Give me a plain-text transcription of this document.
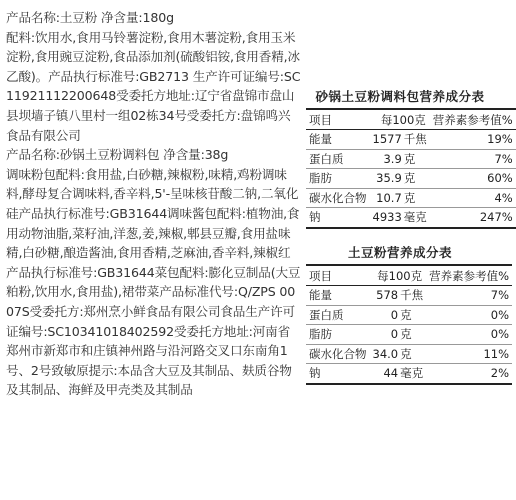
产品名称:土豆粉 净含量:180g

配料:饮用水,食用马铃薯淀粉,食用木薯淀粉,食用玉米淀粉,食用豌豆淀粉,食品添加剂(硫酸铝铵,食用香精,冰乙酸)。产品执行标准号:GB2713 生产许可证编号:SC11921112200648受委托方地址:辽宁省盘锦市盘山县坝墙子镇八里村一组02栋34号受委托方:盘锦鸣兴食品有限公司

产品名称:砂锅土豆粉调料包 净含量:38g

调味粉包配料:食用盐,白砂糖,辣椒粉,味精,鸡粉调味料,酵母复合调味料,香辛料,5'-呈味核苷酸二钠,二氧化硅产品执行标准号:GB31644调味酱包配料:植物油,食用动物油脂,菜籽油,洋葱,姜,辣椒,郫县豆瓣,食用盐味精,白砂糖,酿造酱油,食用香精,芝麻油,香辛料,辣椒红产品执行标准号:GB31644菜包配料:膨化豆制品(大豆粕粉,饮用水,食用盐),裙带菜产品标准代号:Q/ZPS 0007S受委托方:郑州烹小鲜食品有限公司食品生产许可证编号:SC10341018402592受委托方地址:河南省郑州市新郑市和庄镇神州路与沿河路交叉口东南角1号、2号致敏原提示:本品含大豆及其制品、麸质谷物及其制品、海鲜及甲壳类及其制品

砂锅土豆粉调料包营养成分表
项目	每100克		营养素参考值%
能量	1577	千焦	19%
蛋白质	3.9	克	7%
脂肪	35.9	克	60%
碳水化合物	10.7	克	4%
钠	4933	毫克	247%
土豆粉营养成分表
项目	每100克		营养素参考值%
能量	578	千焦	7%
蛋白质	0	克	0%
脂肪	0	克	0%
碳水化合物	34.0	克	11%
钠	44	毫克	2%
